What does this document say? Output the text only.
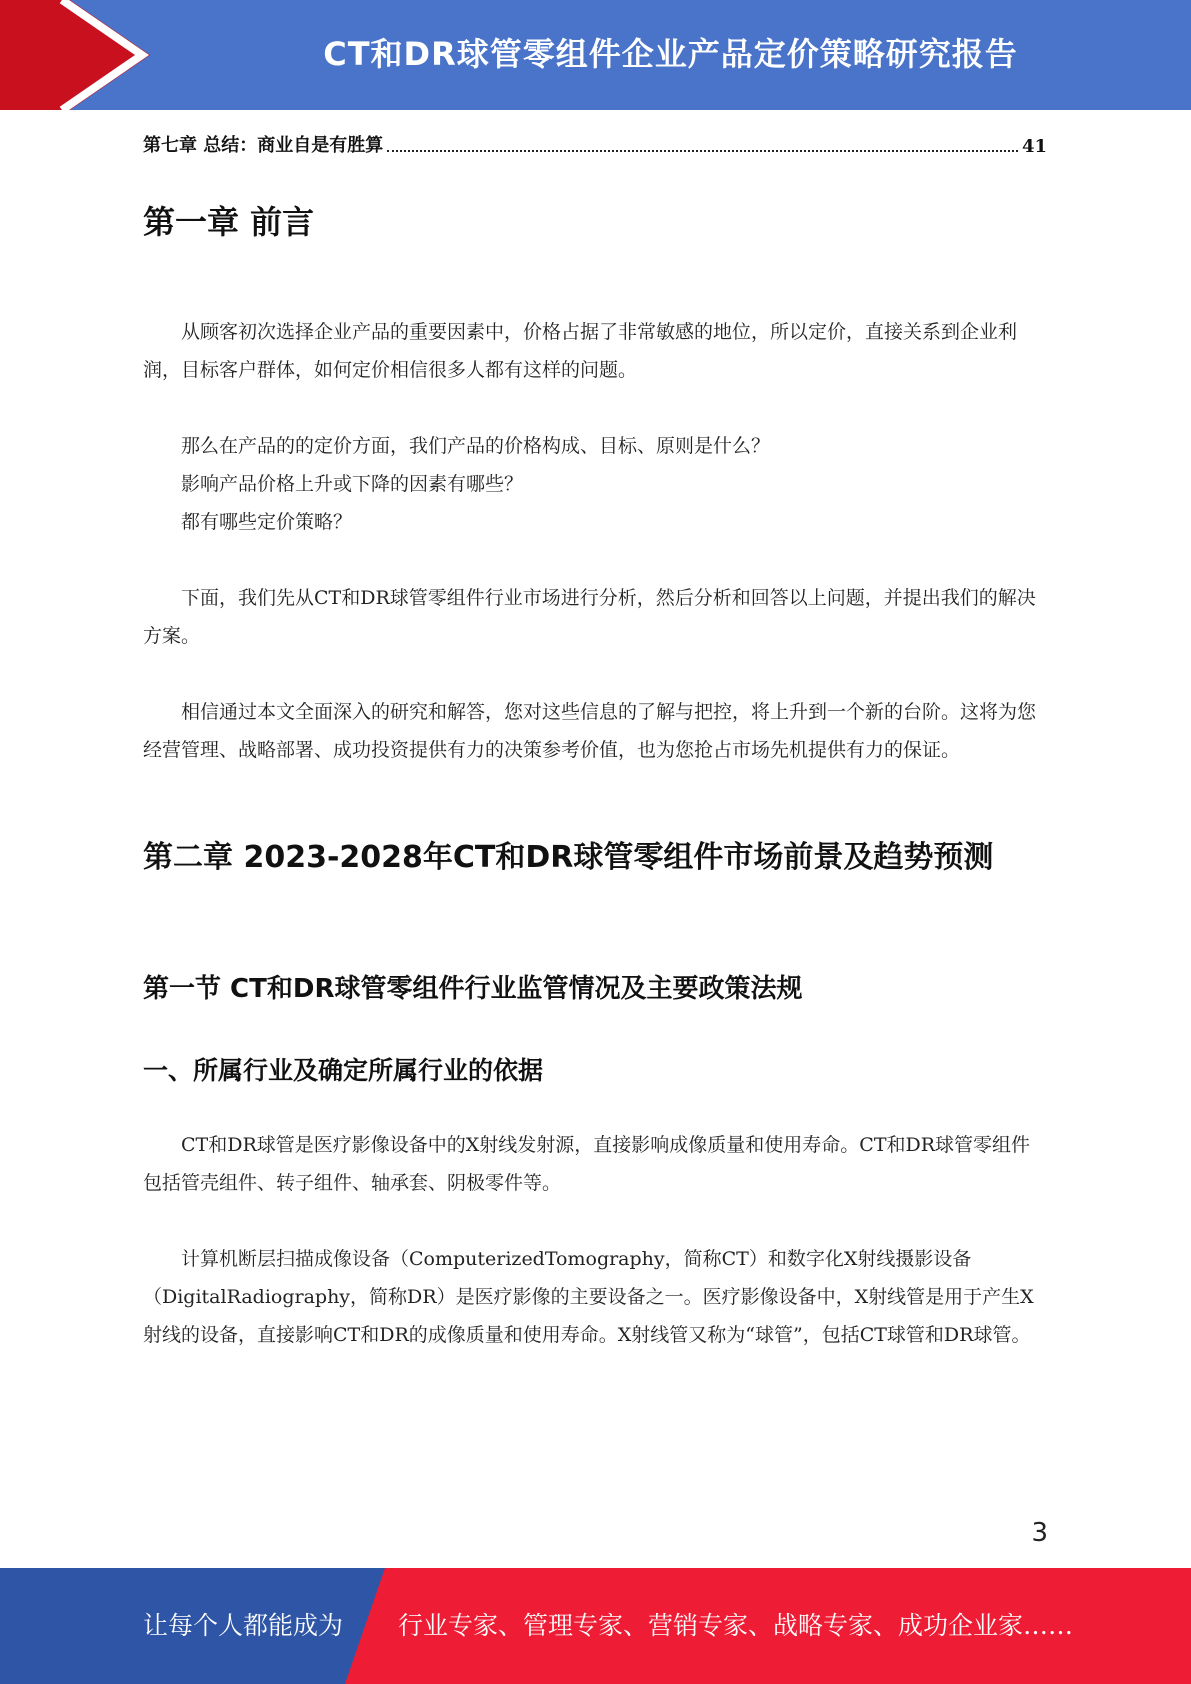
CT和DR球管零组件企业产品定价策略研究报告
第七章 总结：商业自是有胜算	41
第一章 前言

从顾客初次选择企业产品的重要因素中，价格占据了非常敏感的地位，所以定价，直接关系到企业利润，目标客户群体，如何定价相信很多人都有这样的问题。

那么在产品的的定价方面，我们产品的价格构成、目标、原则是什么？

影响产品价格上升或下降的因素有哪些？

都有哪些定价策略？

下面，我们先从CT和DR球管零组件行业市场进行分析，然后分析和回答以上问题，并提出我们的解决方案。

相信通过本文全面深入的研究和解答，您对这些信息的了解与把控，将上升到一个新的台阶。这将为您经营管理、战略部署、成功投资提供有力的决策参考价值，也为您抢占市场先机提供有力的保证。

第二章 2023-2028年CT和DR球管零组件市场前景及趋势预测
第一节 CT和DR球管零组件行业监管情况及主要政策法规
一、所属行业及确定所属行业的依据

CT和DR球管是医疗影像设备中的X射线发射源，直接影响成像质量和使用寿命。CT和DR球管零组件包括管壳组件、转子组件、轴承套、阴极零件等。

计算机断层扫描成像设备（ComputerizedTomography，简称CT）和数字化X射线摄影设备（DigitalRadiography，简称DR）是医疗影像的主要设备之一。医疗影像设备中，X射线管是用于产生X射线的设备，直接影响CT和DR的成像质量和使用寿命。X射线管又称为“球管”，包括CT球管和DR球管。

3
让每个人都能成为 行业专家、管理专家、营销专家、战略专家、成功企业家……
